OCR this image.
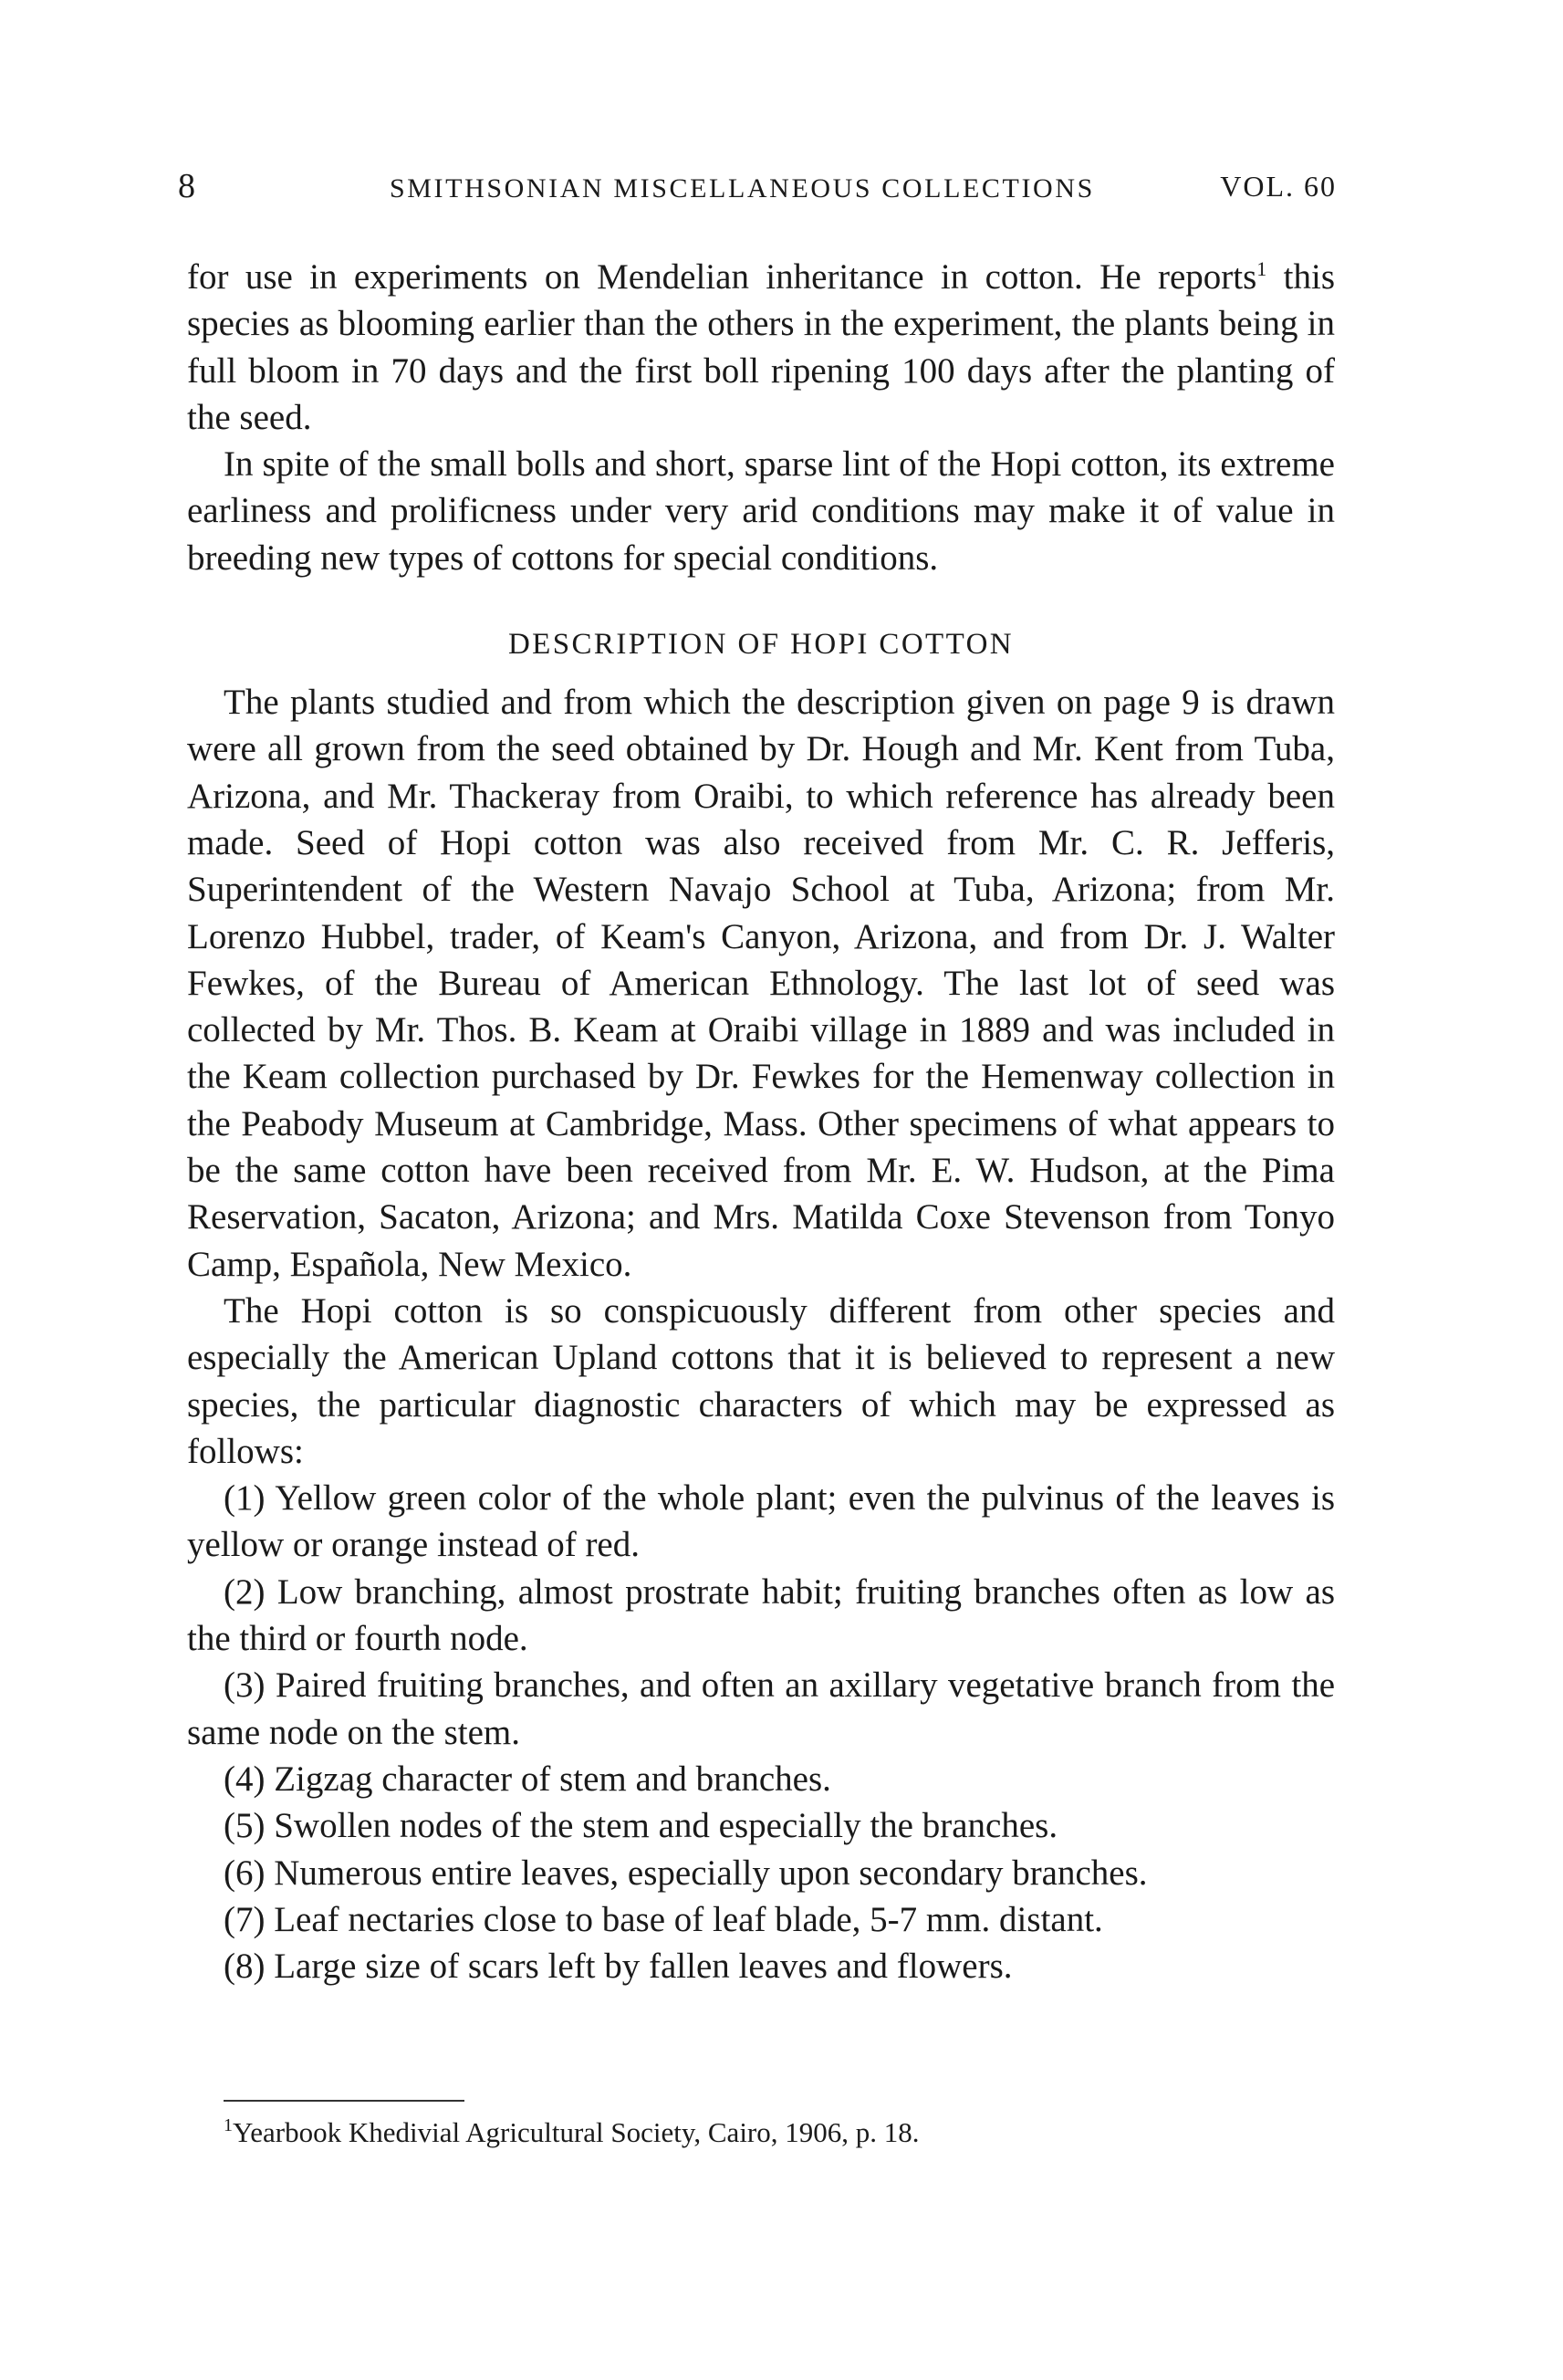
8	SMITHSONIAN MISCELLANEOUS COLLECTIONS	VOL. 60

for use in experiments on Mendelian inheritance in cotton. He reports$^1$ this species as blooming earlier than the others in the experiment, the plants being in full bloom in 70 days and the first boll ripening 100 days after the planting of the seed.

In spite of the small bolls and short, sparse lint of the Hopi cotton, its extreme earliness and prolificness under very arid conditions may make it of value in breeding new types of cottons for special conditions.

DESCRIPTION OF HOPI COTTON

The plants studied and from which the description given on page 9 is drawn were all grown from the seed obtained by Dr. Hough and Mr. Kent from Tuba, Arizona, and Mr. Thackeray from Oraibi, to which reference has already been made. Seed of Hopi cotton was also received from Mr. C. R. Jefferis, Superintendent of the Western Navajo School at Tuba, Arizona; from Mr. Lorenzo Hubbel, trader, of Keam's Canyon, Arizona, and from Dr. J. Walter Fewkes, of the Bureau of American Ethnology. The last lot of seed was collected by Mr. Thos. B. Keam at Oraibi village in 1889 and was included in the Keam collection purchased by Dr. Fewkes for the Hemenway collection in the Peabody Museum at Cambridge, Mass. Other specimens of what appears to be the same cotton have been received from Mr. E. W. Hudson, at the Pima Reservation, Sacaton, Arizona; and Mrs. Matilda Coxe Stevenson from Tonyo Camp, Española, New Mexico.

The Hopi cotton is so conspicuously different from other species and especially the American Upland cottons that it is believed to represent a new species, the particular diagnostic characters of which may be expressed as follows:

(1) Yellow green color of the whole plant; even the pulvinus of the leaves is yellow or orange instead of red.

(2) Low branching, almost prostrate habit; fruiting branches often as low as the third or fourth node.

(3) Paired fruiting branches, and often an axillary vegetative branch from the same node on the stem.

(4) Zigzag character of stem and branches.

(5) Swollen nodes of the stem and especially the branches.

(6) Numerous entire leaves, especially upon secondary branches.

(7) Leaf nectaries close to base of leaf blade, 5-7 mm. distant.

(8) Large size of scars left by fallen leaves and flowers.

$^1$Yearbook Khedivial Agricultural Society, Cairo, 1906, p. 18.
